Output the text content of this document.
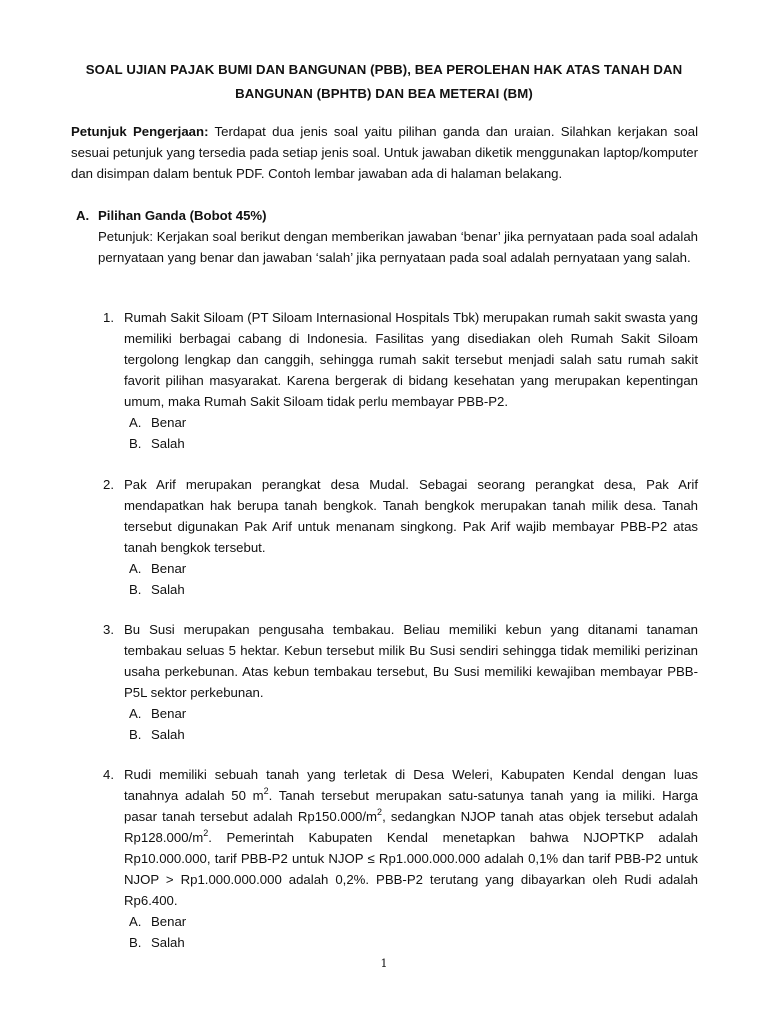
SOAL UJIAN PAJAK BUMI DAN BANGUNAN (PBB), BEA PEROLEHAN HAK ATAS TANAH DAN
BANGUNAN (BPHTB) DAN BEA METERAI (BM)
Petunjuk Pengerjaan: Terdapat dua jenis soal yaitu pilihan ganda dan uraian. Silahkan kerjakan soal sesuai petunjuk yang tersedia pada setiap jenis soal. Untuk jawaban diketik menggunakan laptop/komputer dan disimpan dalam bentuk PDF. Contoh lembar jawaban ada di halaman belakang.
A. Pilihan Ganda (Bobot 45%)
Petunjuk: Kerjakan soal berikut dengan memberikan jawaban ‘benar’ jika pernyataan pada soal adalah pernyataan yang benar dan jawaban ‘salah’ jika pernyataan pada soal adalah pernyataan yang salah.
1. Rumah Sakit Siloam (PT Siloam Internasional Hospitals Tbk) merupakan rumah sakit swasta yang memiliki berbagai cabang di Indonesia. Fasilitas yang disediakan oleh Rumah Sakit Siloam tergolong lengkap dan canggih, sehingga rumah sakit tersebut menjadi salah satu rumah sakit favorit pilihan masyarakat. Karena bergerak di bidang kesehatan yang merupakan kepentingan umum, maka Rumah Sakit Siloam tidak perlu membayar PBB-P2.
A. Benar
B. Salah
2. Pak Arif merupakan perangkat desa Mudal. Sebagai seorang perangkat desa, Pak Arif mendapatkan hak berupa tanah bengkok. Tanah bengkok merupakan tanah milik desa. Tanah tersebut digunakan Pak Arif untuk menanam singkong. Pak Arif wajib membayar PBB-P2 atas tanah bengkok tersebut.
A. Benar
B. Salah
3. Bu Susi merupakan pengusaha tembakau. Beliau memiliki kebun yang ditanami tanaman tembakau seluas 5 hektar. Kebun tersebut milik Bu Susi sendiri sehingga tidak memiliki perizinan usaha perkebunan. Atas kebun tembakau tersebut, Bu Susi memiliki kewajiban membayar PBB-P5L sektor perkebunan.
A. Benar
B. Salah
4. Rudi memiliki sebuah tanah yang terletak di Desa Weleri, Kabupaten Kendal dengan luas tanahnya adalah 50 $m^2$. Tanah tersebut merupakan satu-satunya tanah yang ia miliki. Harga pasar tanah tersebut adalah $Rp150.000/m^2$, sedangkan NJOP tanah atas objek tersebut adalah $Rp128.000/m^2$. Pemerintah Kabupaten Kendal menetapkan bahwa NJOPTKP adalah Rp10.000.000, tarif PBB-P2 untuk NJOP ≤ Rp1.000.000.000 adalah 0,1% dan tarif PBB-P2 untuk NJOP > Rp1.000.000.000 adalah 0,2%. PBB-P2 terutang yang dibayarkan oleh Rudi adalah Rp6.400.
A. Benar
B. Salah
1
